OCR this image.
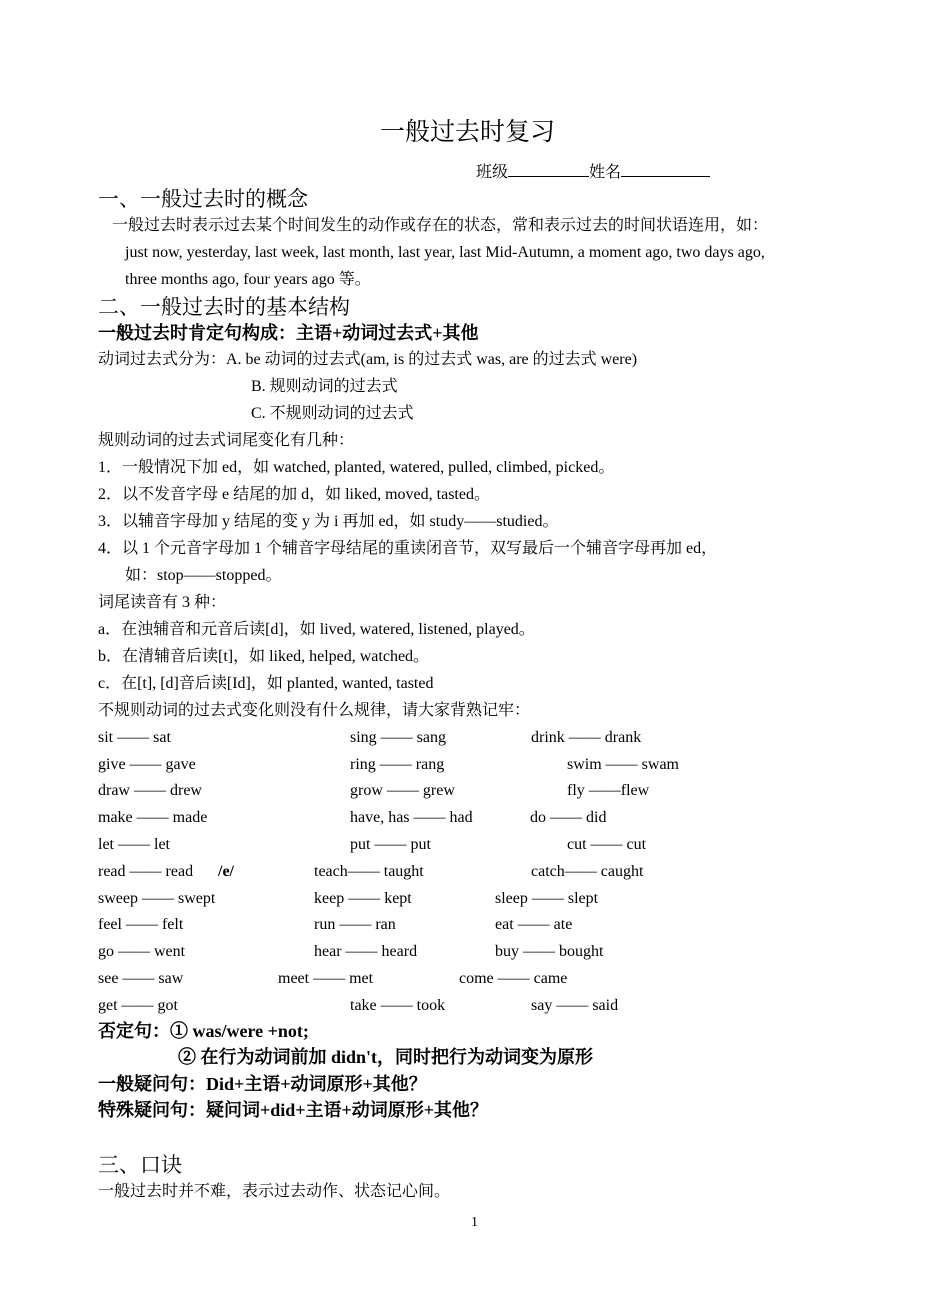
一般过去时复习
班级	姓名
一、一般过去时的概念
一般过去时表示过去某个时间发生的动作或存在的状态，常和表示过去的时间状语连用，如：
just now, yesterday, last week, last month, last year, last Mid-Autumn, a moment ago, two days ago,
three months ago, four years ago 等。
二、一般过去时的基本结构
一般过去时肯定句构成：主语+动词过去式+其他
动词过去式分为：A. be 动词的过去式(am, is 的过去式 was, are 的过去式 were)
B. 规则动词的过去式
C. 不规则动词的过去式
规则动词的过去式词尾变化有几种：
1．一般情况下加 ed，如 watched, planted, watered, pulled, climbed, picked。
2．以不发音字母 e 结尾的加 d，如 liked, moved, tasted。
3．以辅音字母加 y 结尾的变 y 为 i 再加 ed，如 study——studied。
4．以 1 个元音字母加 1 个辅音字母结尾的重读闭音节，双写最后一个辅音字母再加 ed，
如：stop——stopped。
词尾读音有 3 种：
a．在浊辅音和元音后读[d]，如 lived, watered, listened, played。
b．在清辅音后读[t]，如 liked, helped, watched。
c．在[t], [d]音后读[Id]，如 planted, wanted, tasted
不规则动词的过去式变化则没有什么规律，请大家背熟记牢：
sit —— sat	sing —— sang	drink —— drank
give —— gave	ring —— rang	swim —— swam
draw —— drew	grow —— grew	fly ——flew
make —— made	have, has —— had	do —— did
let —— let	put —— put	cut —— cut
read —— read /e/	teach—— taught	catch—— caught
sweep —— swept	keep —— kept	sleep —— slept
feel —— felt	run —— ran	eat —— ate
go —— went	hear —— heard	buy —— bought
see —— saw	meet —— met	come —— came
get —— got	take —— took	say —— said
否定句：① was/were +not;
② 在行为动词前加 didn't，同时把行为动词变为原形
一般疑问句：Did+主语+动词原形+其他？
特殊疑问句：疑问词+did+主语+动词原形+其他？
三、口诀
一般过去时并不难，表示过去动作、状态记心间。
1
